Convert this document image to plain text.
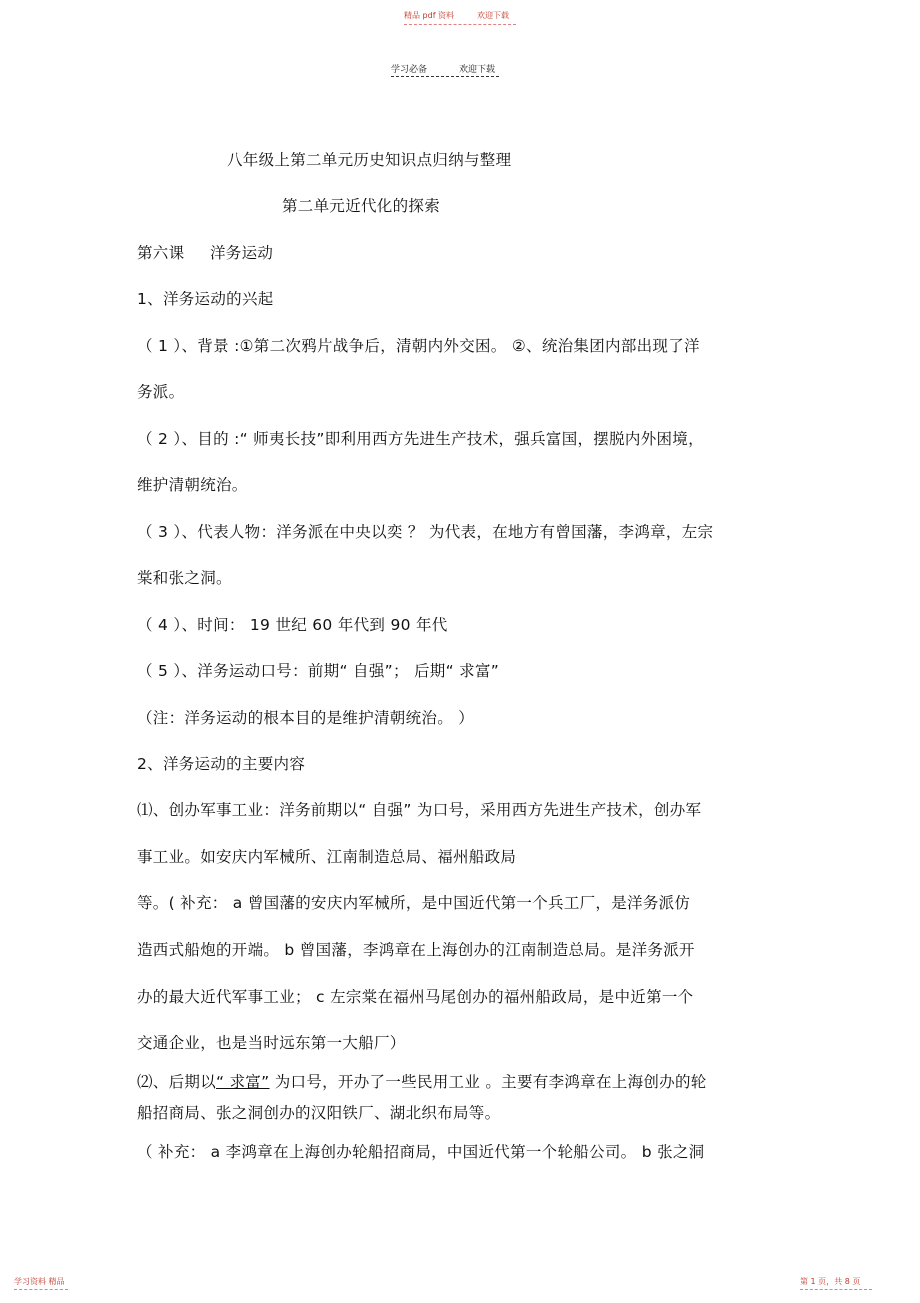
精品 pdf 资料	欢迎下载
学习必备	欢迎下载
八年级上第二单元历史知识点归纳与整理
第二单元近代化的探索
第六课 洋务运动
1、洋务运动的兴起
（ 1 ）、背景 :①第二次鸦片战争后，清朝内外交困。 ②、统治集团内部出现了洋
务派。
（ 2 ）、目的 :“ 师夷长技”即利用西方先进生产技术，强兵富国，摆脱内外困境，
维护清朝统治。
（ 3 ）、代表人物：洋务派在中央以奕 ？ 为代表，在地方有曾国藩，李鸿章，左宗
棠和张之洞。
（ 4 ）、时间： 19 世纪 60 年代到 90 年代
（ 5 ）、洋务运动口号：前期“ 自强”； 后期“ 求富”
（注：洋务运动的根本目的是维护清朝统治。 ）
2、洋务运动的主要内容
⑴、创办军事工业：洋务前期以“ 自强” 为口号，采用西方先进生产技术，创办军
事工业。如安庆内军械所、江南制造总局、福州船政局
等。( 补充： a 曾国藩的安庆内军械所，是中国近代第一个兵工厂，是洋务派仿
造西式船炮的开端。 b 曾国藩，李鸿章在上海创办的江南制造总局。是洋务派开
办的最大近代军事工业； c 左宗棠在福州马尾创办的福州船政局，是中近第一个
交通企业，也是当时远东第一大船厂）
⑵、后期以“ 求富” 为口号，开办了一些民用工业 。主要有李鸿章在上海创办的轮
船招商局、张之洞创办的汉阳铁厂、湖北织布局等。
（ 补充： a 李鸿章在上海创办轮船招商局，中国近代第一个轮船公司。 b 张之洞
学习资料 精品	第 1 页，共 8 页
